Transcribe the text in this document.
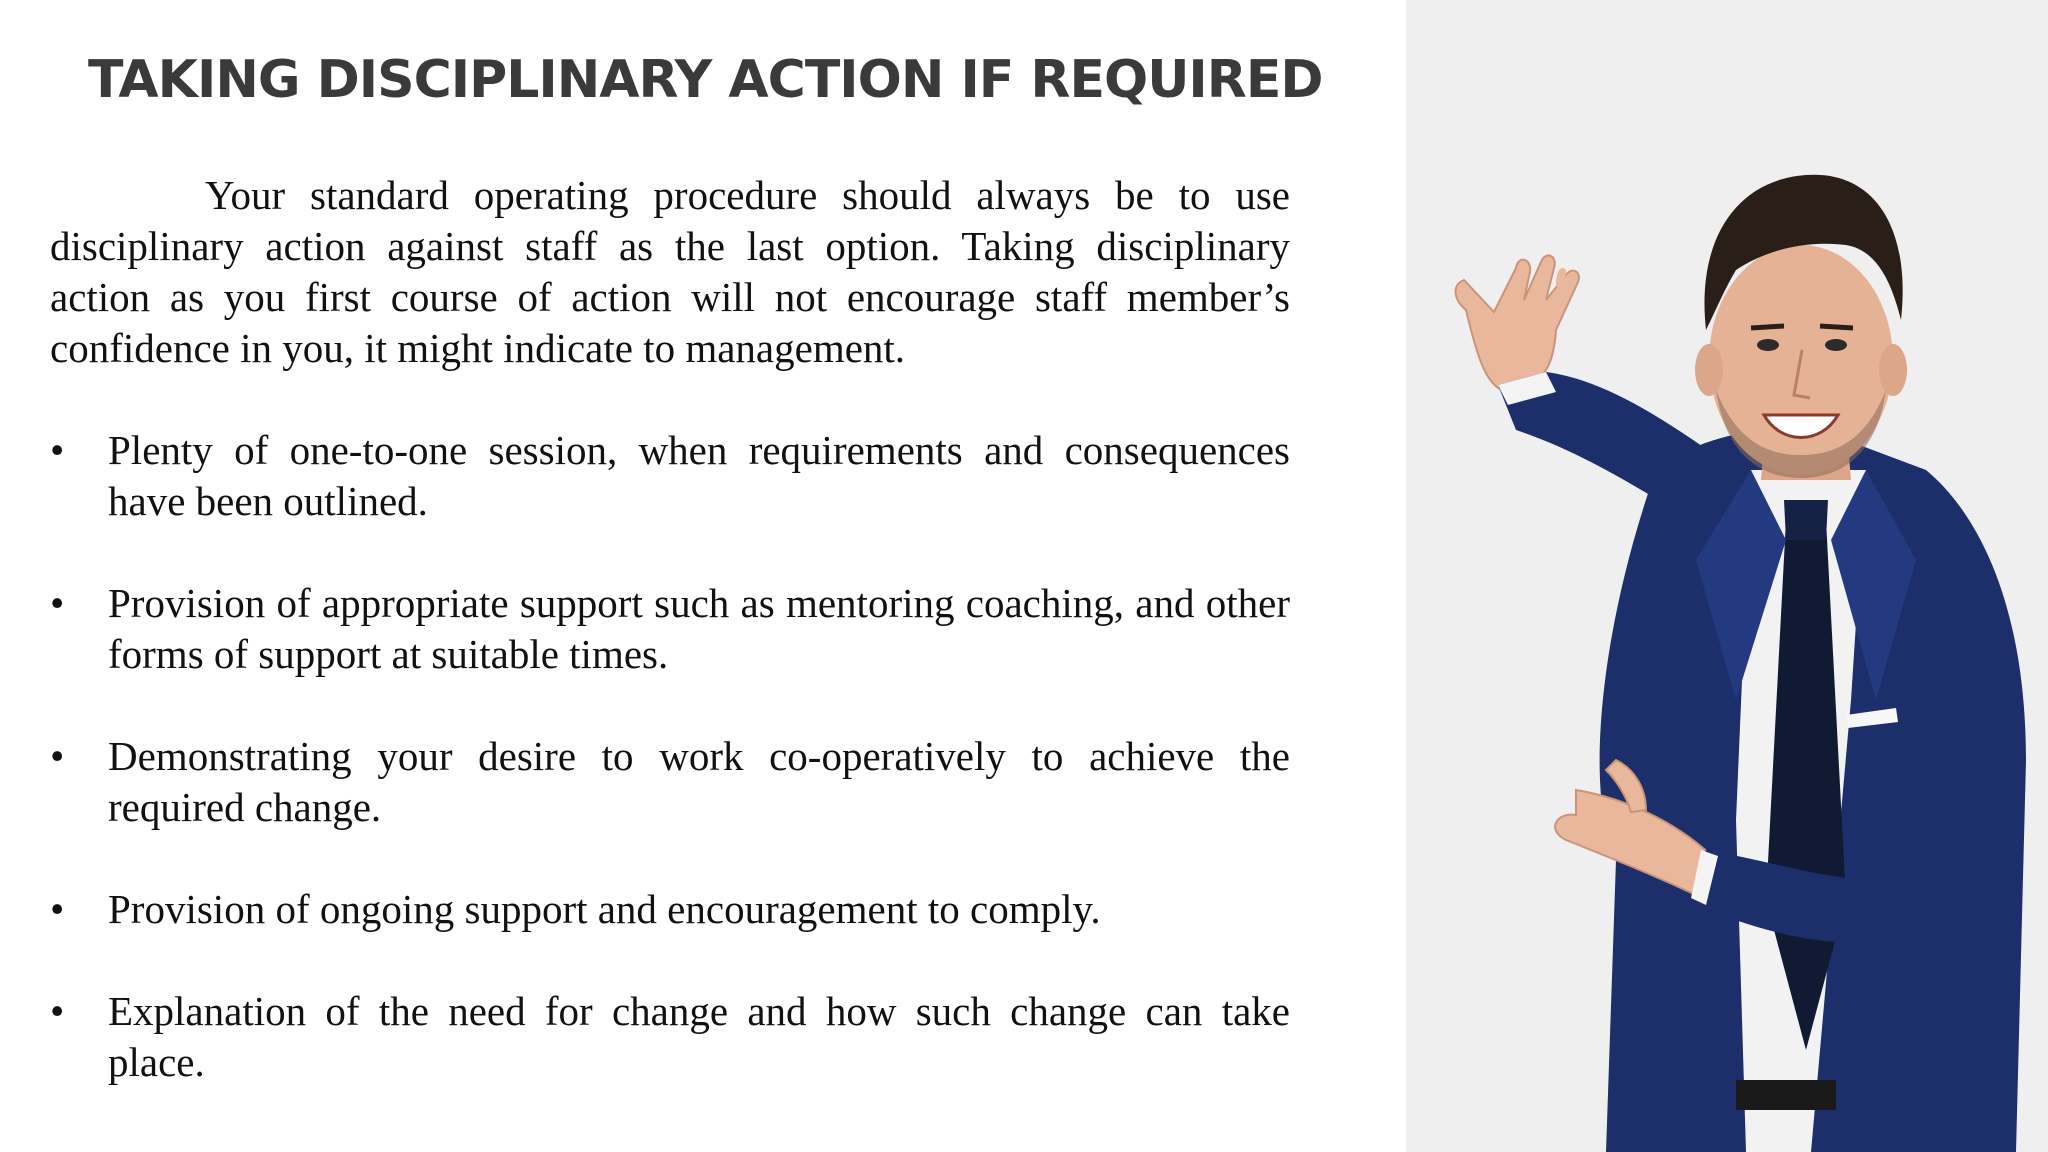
TAKING DISCIPLINARY ACTION IF REQUIRED

Your standard operating procedure should always be to use disciplinary action against staff as the last option. Taking disciplinary action as you first course of action will not encourage staff member’s confidence in you, it might indicate to management.

•	Plenty of one-to-one session, when requirements and consequences have been outlined.
•	Provision of appropriate support such as mentoring coaching, and other forms of support at suitable times.
•	Demonstrating your desire to work co-operatively to achieve the required change.
•	Provision of ongoing support and encouragement to comply.
•	Explanation of the need for change and how such change can take place.
